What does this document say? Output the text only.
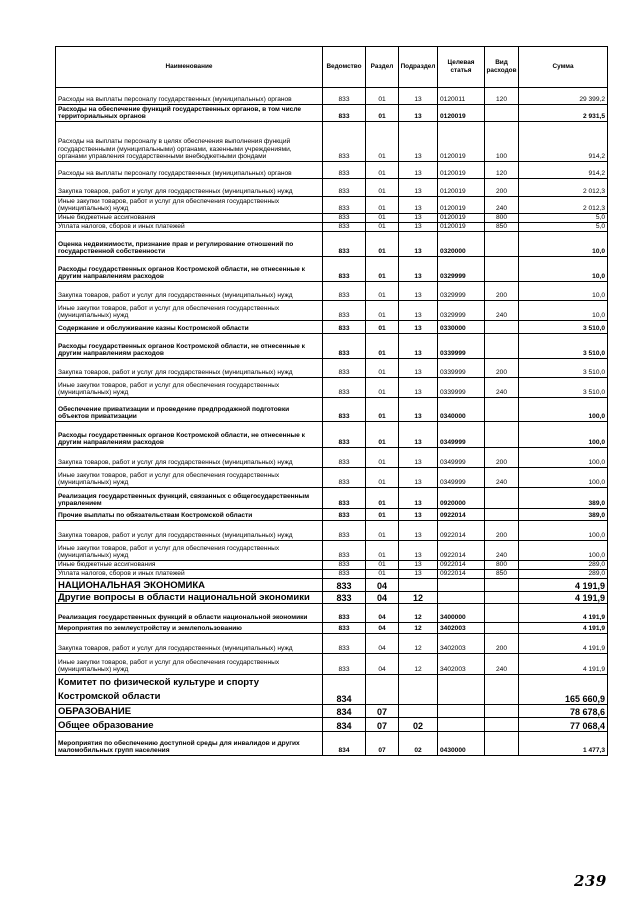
Наименование	Ведомство	Раздел	Подраздел	Целевая статья	Вид расходов	Сумма
Расходы на выплаты персоналу государственных (муниципальных) органов	833	01	13	0120011	120	29 399,2
Расходы на обеспечение функций государственных органов, в том числе территориальных органов	833	01	13	0120019		2 931,5
Расходы на выплаты персоналу в целях обеспечения выполнения функций государственными (муниципальными) органами, казенными учреждениями, органами управления государственными внебюджетными фондами	833	01	13	0120019	100	914,2
Расходы на выплаты персоналу государственных (муниципальных) органов	833	01	13	0120019	120	914,2
Закупка товаров, работ и услуг для государственных (муниципальных) нужд	833	01	13	0120019	200	2 012,3
Иные закупки товаров, работ и услуг для обеспечения государственных (муниципальных) нужд	833	01	13	0120019	240	2 012,3
Иные бюджетные ассигнования	833	01	13	0120019	800	5,0
Уплата налогов, сборов и иных платежей	833	01	13	0120019	850	5,0
Оценка недвижимости, признание прав и регулирование отношений по государственной собственности	833	01	13	0320000		10,0
Расходы государственных органов Костромской области, не отнесенные к другим направлениям расходов	833	01	13	0329999		10,0
Закупка товаров, работ и услуг для государственных (муниципальных) нужд	833	01	13	0329999	200	10,0
Иные закупки товаров, работ и услуг для обеспечения государственных (муниципальных) нужд	833	01	13	0329999	240	10,0
Содержание и обслуживание казны Костромской области	833	01	13	0330000		3 510,0
Расходы государственных органов Костромской области, не отнесенные к другим направлениям расходов	833	01	13	0339999		3 510,0
Закупка товаров, работ и услуг для государственных (муниципальных) нужд	833	01	13	0339999	200	3 510,0
Иные закупки товаров, работ и услуг для обеспечения государственных (муниципальных) нужд	833	01	13	0339999	240	3 510,0
Обеспечение приватизации и проведение предпродажной подготовки объектов приватизации	833	01	13	0340000		100,0
Расходы государственных органов Костромской области, не отнесенные к другим направлениям расходов	833	01	13	0349999		100,0
Закупка товаров, работ и услуг для государственных (муниципальных) нужд	833	01	13	0349999	200	100,0
Иные закупки товаров, работ и услуг для обеспечения государственных (муниципальных) нужд	833	01	13	0349999	240	100,0
Реализация государственных функций, связанных с общегосударственным управлением	833	01	13	0920000		389,0
Прочие выплаты по обязательствам Костромской области	833	01	13	0922014		389,0
Закупка товаров, работ и услуг для государственных (муниципальных) нужд	833	01	13	0922014	200	100,0
Иные закупки товаров, работ и услуг для обеспечения государственных (муниципальных) нужд	833	01	13	0922014	240	100,0
Иные бюджетные ассигнования	833	01	13	0922014	800	289,0
Уплата налогов, сборов и иных платежей	833	01	13	0922014	850	289,0
НАЦИОНАЛЬНАЯ ЭКОНОМИКА	833	04				4 191,9
Другие вопросы в области национальной экономики	833	04	12			4 191,9
Реализация государственных функций в области национальной экономики	833	04	12	3400000		4 191,9
Мероприятия по землеустройству и землепользованию	833	04	12	3402003		4 191,9
Закупка товаров, работ и услуг для государственных (муниципальных) нужд	833	04	12	3402003	200	4 191,9
Иные закупки товаров, работ и услуг для обеспечения государственных (муниципальных) нужд	833	04	12	3402003	240	4 191,9
Комитет по физической культуре и спорту Костромской области	834					165 660,9
ОБРАЗОВАНИЕ	834	07				78 678,6
Общее образование	834	07	02			77 068,4
Мероприятия по обеспечению доступной среды для инвалидов и других маломобильных групп населения	834	07	02	0430000		1 477,3
239
